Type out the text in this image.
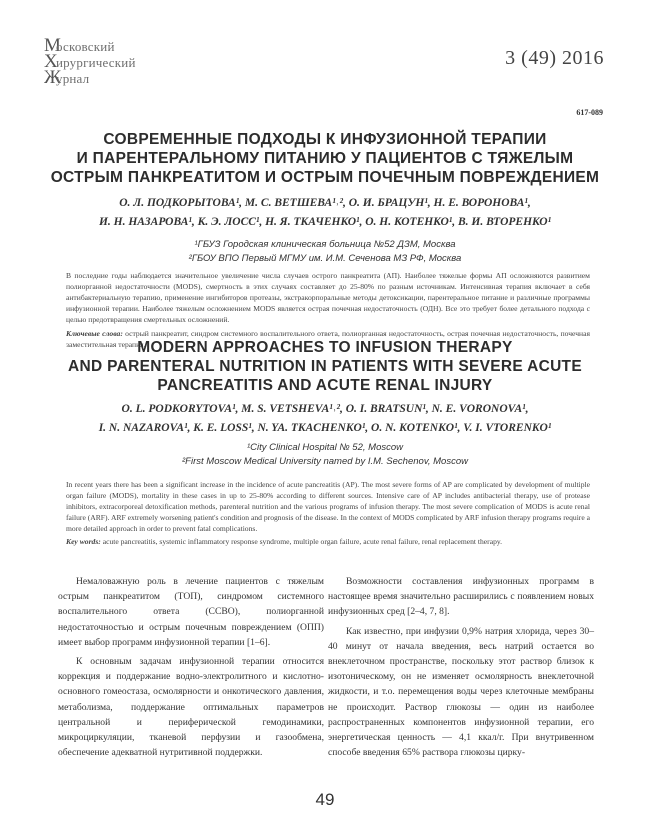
М
осковский
Х
ирургический
Ж
урнал
3 (49) 2016
617-089
СОВРЕМЕННЫЕ ПОДХОДЫ К ИНФУЗИОННОЙ ТЕРАПИИ
И ПАРЕНТЕРАЛЬНОМУ ПИТАНИЮ У ПАЦИЕНТОВ С ТЯЖЕЛЫМ
ОСТРЫМ ПАНКРЕАТИТОМ И ОСТРЫМ ПОЧЕЧНЫМ ПОВРЕЖДЕНИЕМ
О. Л. ПОДКОРЫТОВА¹, М. С. ВЕТШЕВА¹˒², О. И. БРАЦУН¹, Н. Е. ВОРОНОВА¹,
И. Н. НАЗАРОВА¹, К. Э. ЛОСС¹, Н. Я. ТКАЧЕНКО¹, О. Н. КОТЕНКО¹, В. И. ВТОРЕНКО¹
¹ГБУЗ Городская клиническая больница №52 ДЗМ, Москва
²ГБОУ ВПО Первый МГМУ им. И.М. Сеченова МЗ РФ, Москва
В последние годы наблюдается значительное увеличение числа случаев острого панкреатита (АП). Наиболее тяжелые формы АП осложняются развитием полиорганной недостаточности (MODS), смертность в этих случаях составляет до 25-80% по разным источникам. Интенсивная терапия включает в себя антибактериальную терапию, применение ингибиторов протеазы, экстракорпоральные методы детоксикации, парентеральное питание и различные программы инфузионной терапии. Наиболее тяжелым осложнением MODS является острая почечная недостаточность (ОДН). Все это требует более детального подхода с целью предотвращения смертельных осложнений.
Ключевые слова: острый панкреатит, синдром системного воспалительного ответа, полиорганная недостаточность, острая почечная недостаточность, почечная заместительная терапия.
MODERN APPROACHES TO INFUSION THERAPY
AND PARENTERAL NUTRITION IN PATIENTS WITH SEVERE ACUTE
PANCREATITIS AND ACUTE RENAL INJURY
O. L. PODKORYTOVA¹, M. S. VETSHEVA¹˒², O. I. BRATSUN¹, N. E. VORONOVA¹,
I. N. NAZAROVA¹, K. E. LOSS¹, N. YA. TKACHENKO¹, O. N. KOTENKO¹, V. I. VTORENKO¹
¹City Clinical Hospital № 52, Moscow
²First Moscow Medical University named by I.M. Sechenov, Moscow
In recent years there has been a significant increase in the incidence of acute pancreatitis (AP). The most severe forms of AP are complicated by development of multiple organ failure (MODS), mortality in these cases in up to 25-80% according to different sources. Intensive care of AP includes antibacterial therapy, use of protease inhibitors, extracorporeal detoxification methods, parenteral nutrition and the various programs of infusion therapy. The most severe complication of MODS is acute renal failure (ARF). ARF extremely worsening patient's condition and prognosis of the disease. In the context of MODS complicated by ARF infusion therapy programs require a more detailed approach in order to prevent fatal complications.
Key words: acute pancreatitis, systemic inflammatory response syndrome, multiple organ failure, acute renal failure, renal replacement therapy.

Немаловажную роль в лечение пациентов с тяжелым острым панкреатитом (ТОП), синдромом системного воспалительного ответа (ССВО), полиорганной недостаточностью и острым почечным повреждением (ОПП) имеет выбор программ инфузионной терапии [1–6].

К основным задачам инфузионной терапии относится коррекция и поддержание водно-электролитного и кислотно-основного гомеостаза, осмолярности и онкотического давления, метаболизма, поддержание оптимальных параметров центральной и периферической гемодинамики, микроциркуляции, тканевой перфузии и газообмена, обеспечение адекватной нутритивной поддержки.

Возможности составления инфузионных программ в настоящее время значительно расширились с появлением новых инфузионных сред [2–4, 7, 8].

Как известно, при инфузии 0,9% натрия хлорида, через 30–40 минут от начала введения, весь натрий остается во внеклеточном пространстве, поскольку этот раствор близок к изотоническому, он не изменяет осмолярность внеклеточной жидкости, и т.о. перемещения воды через клеточные мембраны не происходит. Раствор глюкозы — один из наиболее распространенных компонентов инфузионной терапии, его энергетическая ценность — 4,1 ккал/г. При внутривенном способе введения 65% раствора глюкозы цирку-

49
